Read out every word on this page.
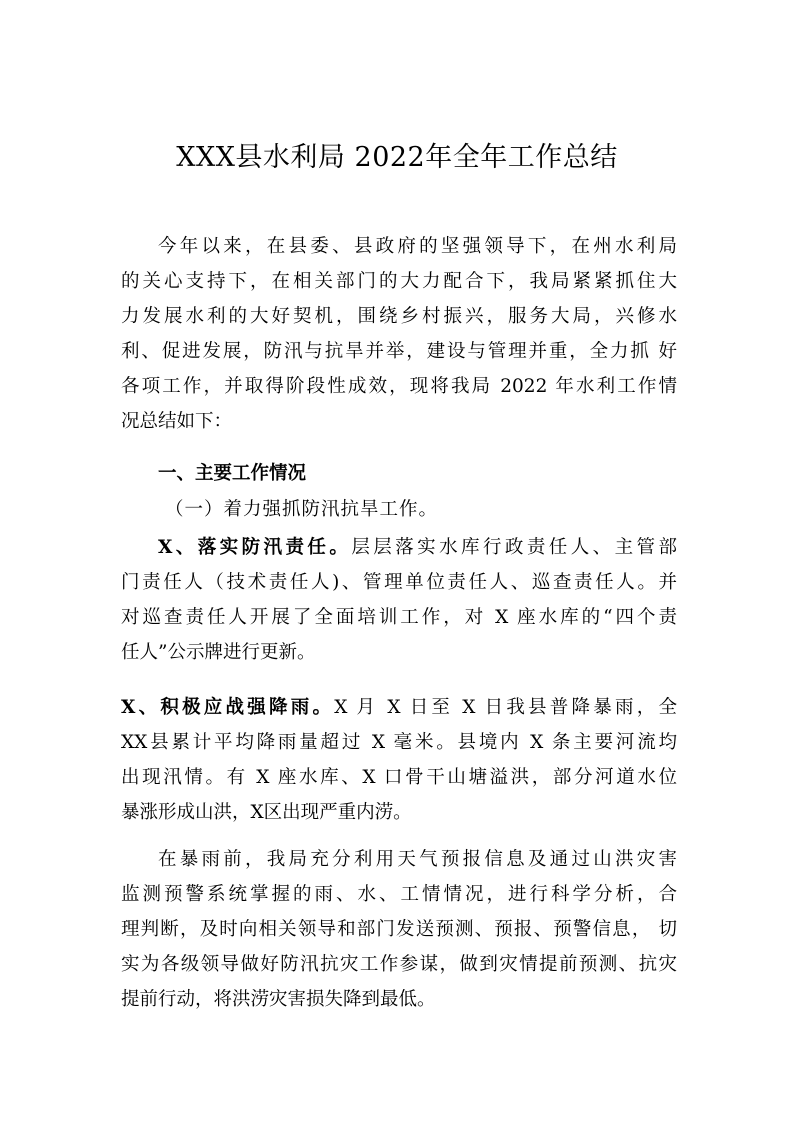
XXX县水利局 2022年全年工作总结
今年以来，在县委、县政府的坚强领导下，在州水利局
的关心支持下，在相关部门的大力配合下，我局紧紧抓住大
力发展水利的大好契机，围绕乡村振兴，服务大局，兴修水
利、促进发展，防汛与抗旱并举，建设与管理并重，全力抓 好
各项工作，并取得阶段性成效，现将我局 2022 年水利工作情
况总结如下：
一、主要工作情况
（一）着力强抓防汛抗旱工作。
X、落实防汛责任。层层落实水库行政责任人、主管部
门责任人（技术责任人)、管理单位责任人、巡查责任人。并
对巡查责任人开展了全面培训工作，对 X 座水库的“四个责
任人”公示牌进行更新。
X、积极应战强降雨。X 月 X 日至 X 日我县普降暴雨，全
XX县累计平均降雨量超过 X 毫米。县境内 X 条主要河流均
出现汛情。有 X 座水库、X 口骨干山塘溢洪，部分河道水位
暴涨形成山洪，X区出现严重内涝。
在暴雨前，我局充分利用天气预报信息及通过山洪灾害
监测预警系统掌握的雨、水、工情情况，进行科学分析，合
理判断，及时向相关领导和部门发送预测、预报、预警信息， 切
实为各级领导做好防汛抗灾工作参谋，做到灾情提前预测、抗灾
提前行动，将洪涝灾害损失降到最低。
